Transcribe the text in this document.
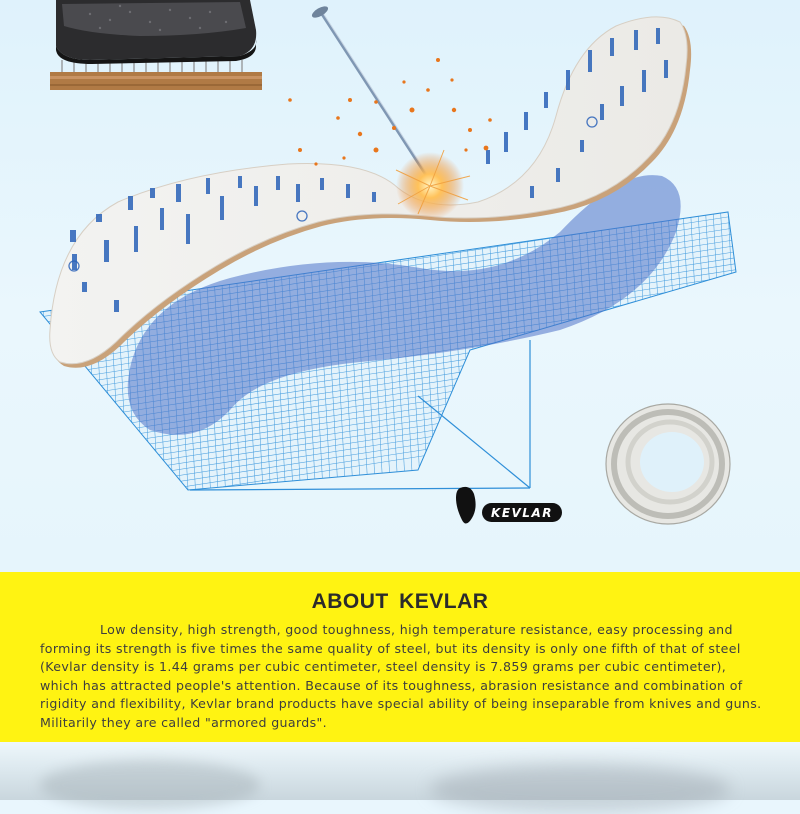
KEVLAR
ABOUT KEVLAR
Low density, high strength, good toughness, high temperature resistance, easy processing and forming its strength is five times the same quality of steel, but its density is only one fifth of that of steel (Kevlar density is 1.44 grams per cubic centimeter, steel density is 7.859 grams per cubic centimeter), which has attracted people's attention. Because of its toughness, abrasion resistance and combination of rigidity and flexibility, Kevlar brand products have special ability of being inseparable from knives and guns. Militarily they are called "armored guards".
